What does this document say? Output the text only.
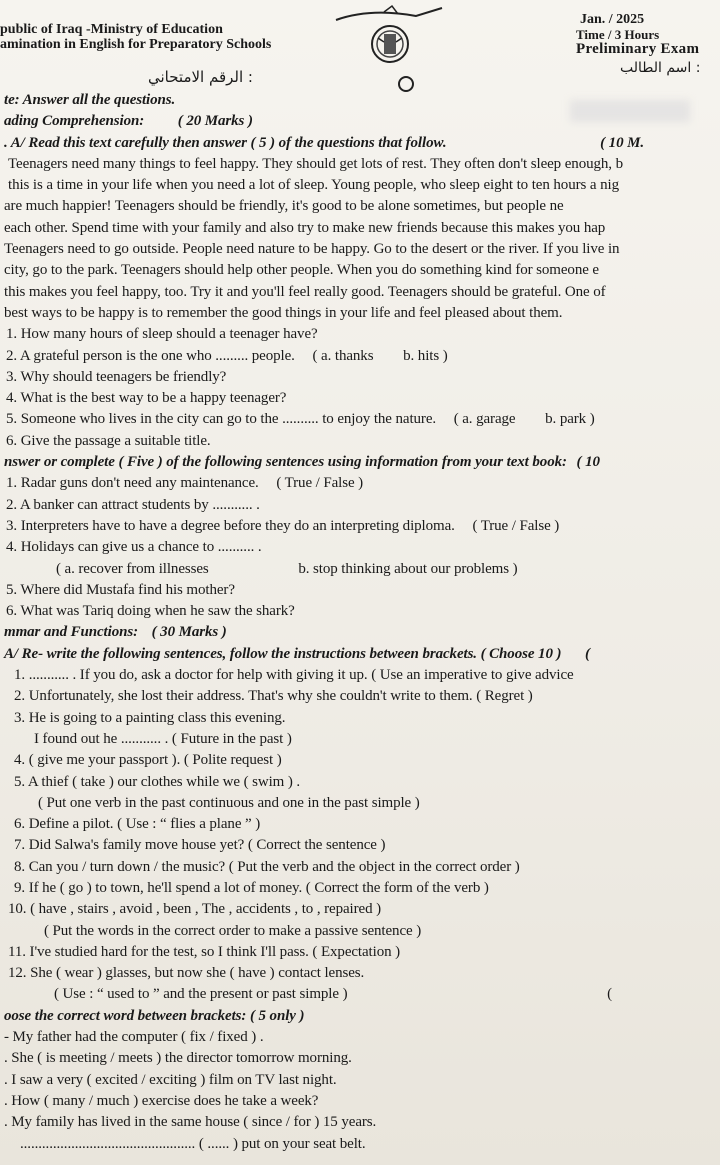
public of Iraq -Ministry of Education
amination in English for Preparatory Schools
: الرقم الامتحاني
Jan. / 2025
Time / 3 Hours
Preliminary Exam
: اسم الطالب
te: Answer all the questions.
ading Comprehension: ( 20 Marks )
. A/ Read this text carefully then answer ( 5 ) of the questions that follow.	( 10 M.
Teenagers need many things to feel happy. They should get lots of rest. They often don't sleep enough, b
this is a time in your life when you need a lot of sleep. Young people, who sleep eight to ten hours a nig
are much happier! Teenagers should be friendly, it's good to be alone sometimes, but people ne
each other. Spend time with your family and also try to make new friends because this makes you hap
Teenagers need to go outside. People need nature to be happy. Go to the desert or the river. If you live in
city, go to the park. Teenagers should help other people. When you do something kind for someone e
this makes you feel happy, too. Try it and you'll feel really good. Teenagers should be grateful. One of
best ways to be happy is to remember the good things in your life and feel pleased about them.
1. How many hours of sleep should a teenager have?
2. A grateful person is the one who ......... people. ( a. thanks b. hits )
3. Why should teenagers be friendly?
4. What is the best way to be a happy teenager?
5. Someone who lives in the city can go to the .......... to enjoy the nature. ( a. garage b. park )
6. Give the passage a suitable title.
nswer or complete ( Five ) of the following sentences using information from your text book: ( 10
1. Radar guns don't need any maintenance. ( True / False )
2. A banker can attract students by ........... .
3. Interpreters have to have a degree before they do an interpreting diploma. ( True / False )
4. Holidays can give us a chance to .......... .
( a. recover from illnesses	b. stop thinking about our problems )
5. Where did Mustafa find his mother?
6. What was Tariq doing when he saw the shark?
mmar and Functions: ( 30 Marks )
A/ Re- write the following sentences, follow the instructions between brackets. ( Choose 10 ) (
1. ........... . If you do, ask a doctor for help with giving it up. ( Use an imperative to give advice
2. Unfortunately, she lost their address. That's why she couldn't write to them. ( Regret )
3. He is going to a painting class this evening.
I found out he ........... . ( Future in the past )
4. ( give me your passport ). ( Polite request )
5. A thief ( take ) our clothes while we ( swim ) .
( Put one verb in the past continuous and one in the past simple )
6. Define a pilot. ( Use : “ flies a plane ” )
7. Did Salwa's family move house yet? ( Correct the sentence )
8. Can you / turn down / the music? ( Put the verb and the object in the correct order )
9. If he ( go ) to town, he'll spend a lot of money. ( Correct the form of the verb )
10. ( have , stairs , avoid , been , The , accidents , to , repaired )
( Put the words in the correct order to make a passive sentence )
11. I've studied hard for the test, so I think I'll pass. ( Expectation )
12. She ( wear ) glasses, but now she ( have ) contact lenses.
( Use : “ used to ” and the present or past simple )	(
oose the correct word between brackets: ( 5 only )
- My father had the computer ( fix / fixed ) .
. She ( is meeting / meets ) the director tomorrow morning.
. I saw a very ( excited / exciting ) film on TV last night.
. How ( many / much ) exercise does he take a week?
. My family has lived in the same house ( since / for ) 15 years.
................................................ ( ...... ) put on your seat belt.
